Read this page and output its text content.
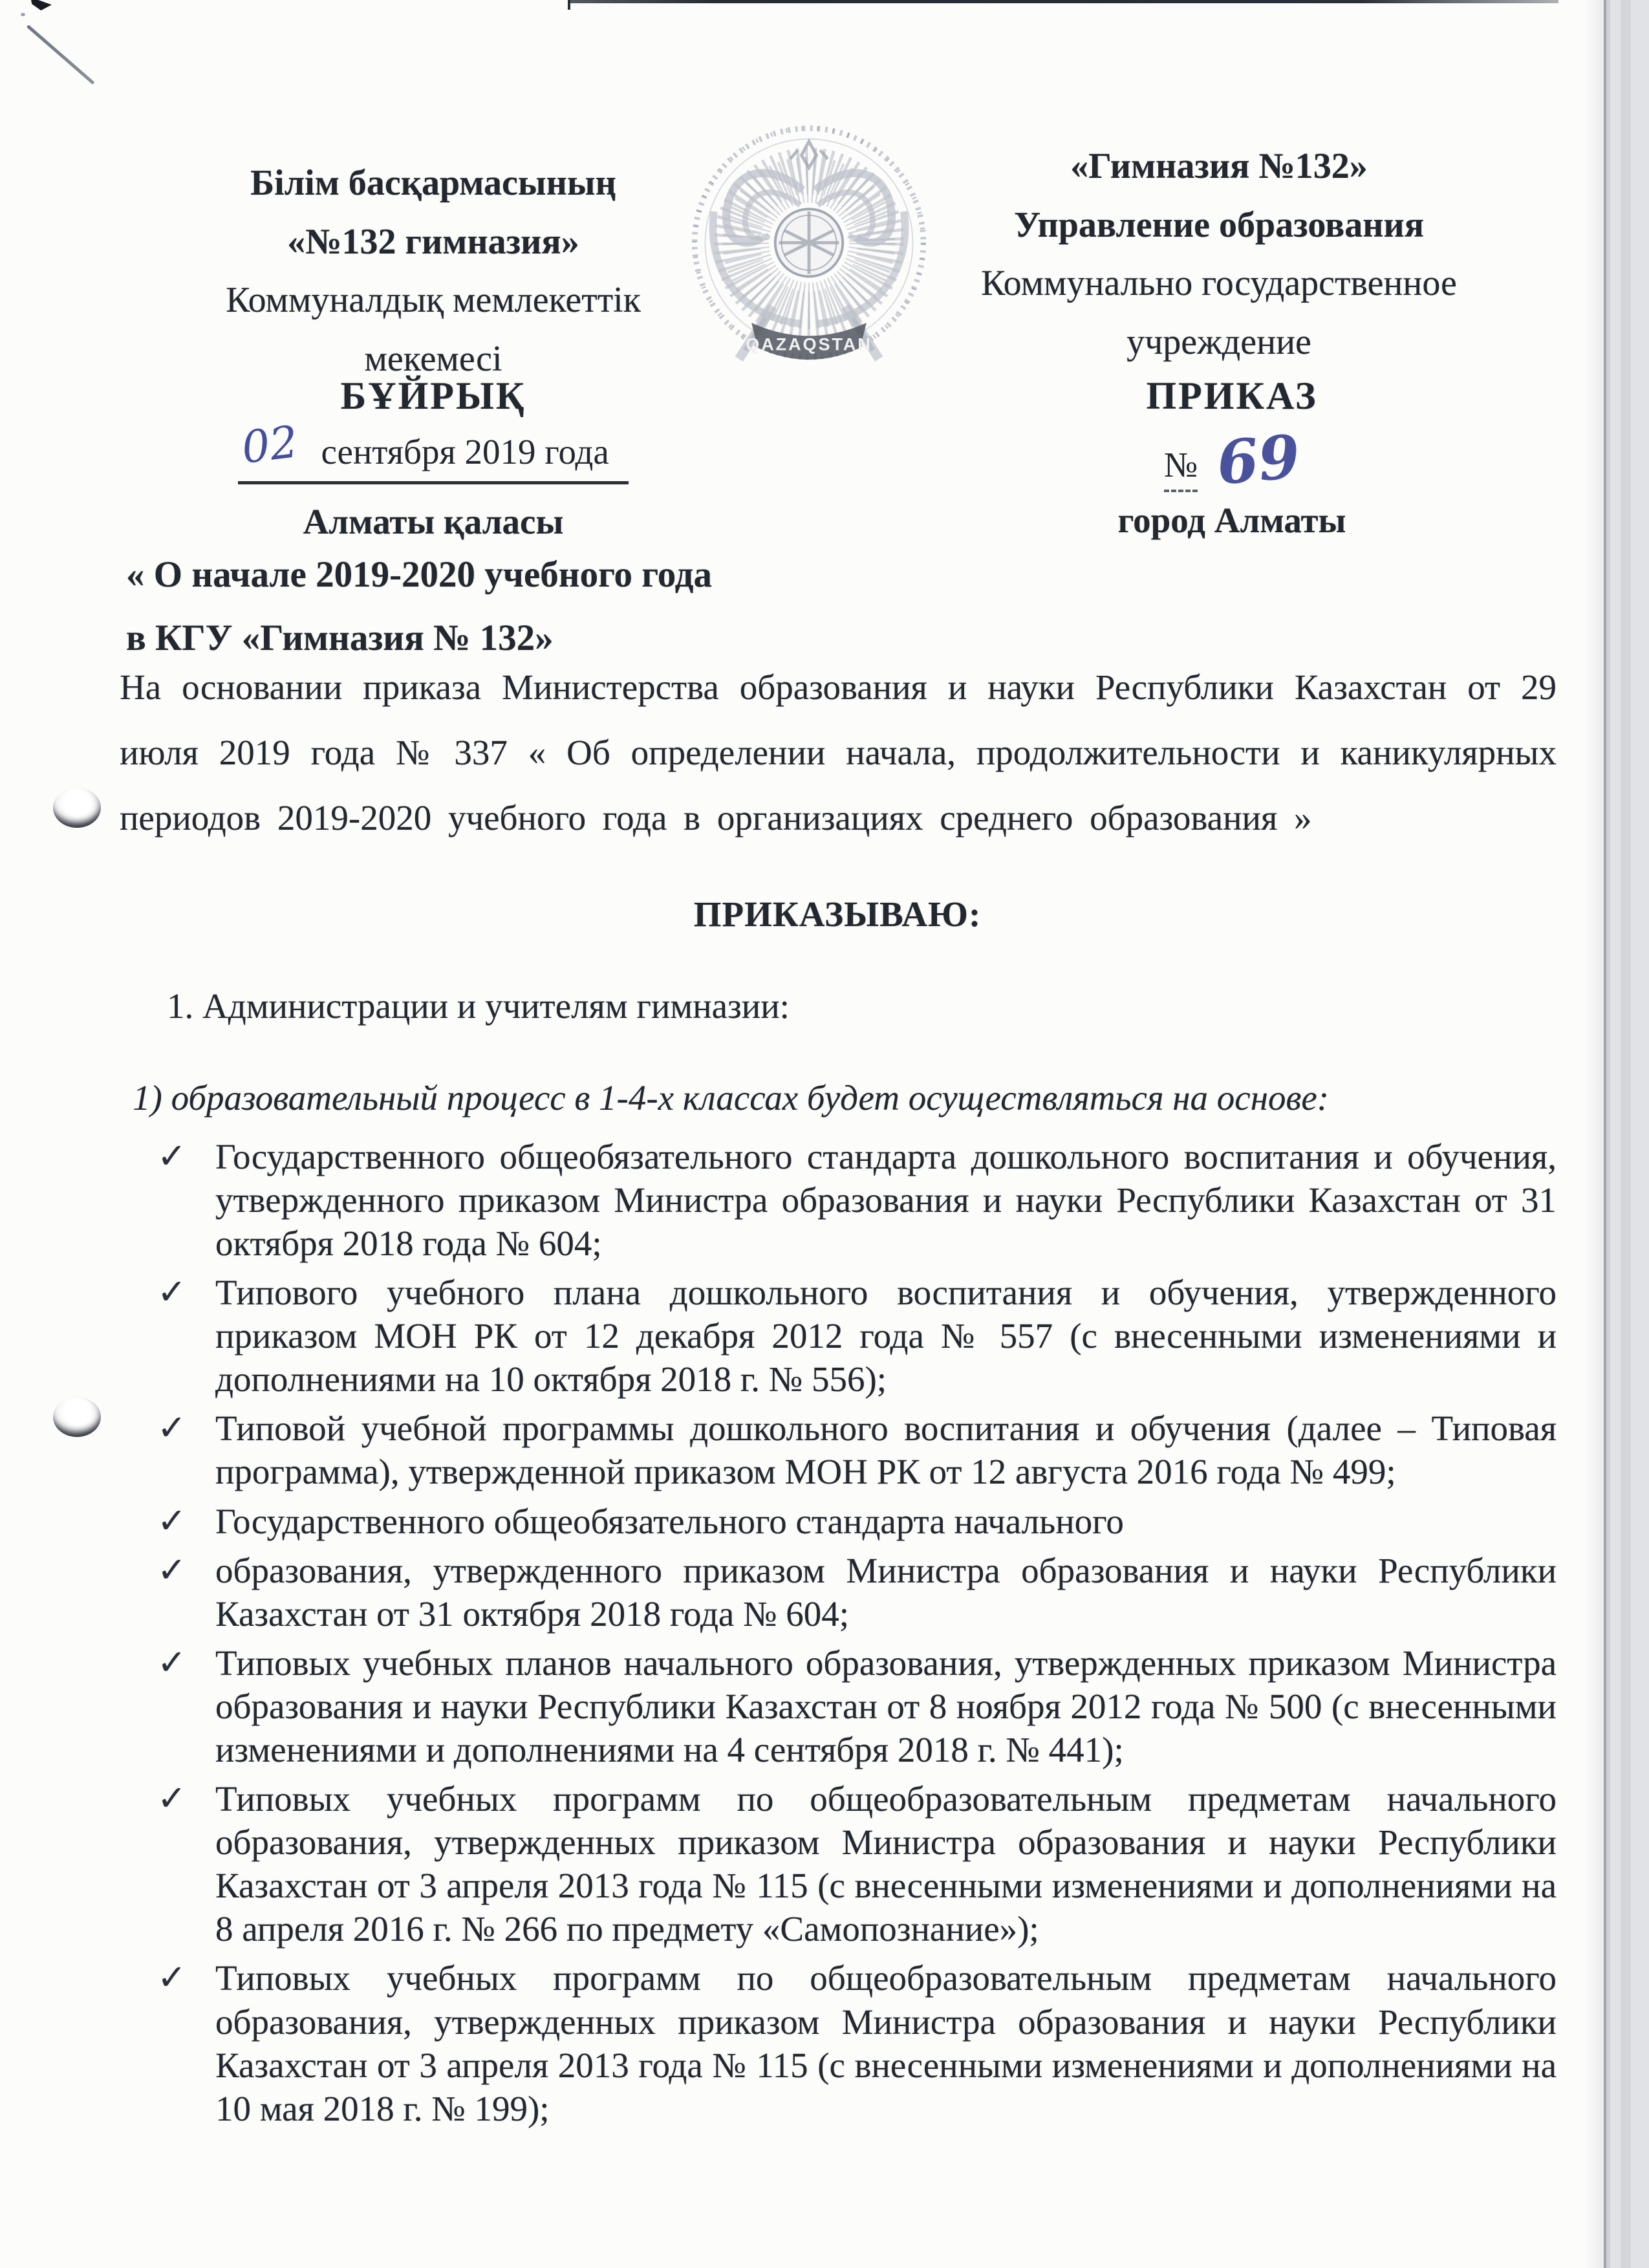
Білім басқармасының
«№132 гимназия»
Коммуналдық мемлекеттік
мекемесі	QAZAQSTAN
«Гимназия №132»
Управление образования
Коммунально государственное
учреждение
БҰЙРЫҚ
02 сентября 2019 года
Алматы қаласы
ПРИКАЗ
№ 69
город Алматы
« О начале 2019-2020 учебного года
в КГУ «Гимназия № 132»

На основании приказа Министерства образования и науки Республики Казахстан от 29 июля 2019 года № 337 « Об определении начала, продолжительности и каникулярных периодов 2019-2020 учебного года в организациях среднего образования »

ПРИКАЗЫВАЮ:
1. Администрации и учителям гимназии:

1) образовательный процесс в 1-4-х классах будет осуществляться на основе:

✓ Государственного общеобязательного стандарта дошкольного воспитания и обучения, утвержденного приказом Министра образования и науки Республики Казахстан от 31 октября 2018 года № 604;
✓ Типового учебного плана дошкольного воспитания и обучения, утвержденного приказом МОН РК от 12 декабря 2012 года № 557 (с внесенными изменениями и дополнениями на 10 октября 2018 г. № 556);
✓ Типовой учебной программы дошкольного воспитания и обучения (далее – Типовая программа), утвержденной приказом МОН РК от 12 августа 2016 года № 499;
✓ Государственного общеобязательного стандарта начального
✓ образования, утвержденного приказом Министра образования и науки Республики Казахстан от 31 октября 2018 года № 604;
✓ Типовых учебных планов начального образования, утвержденных приказом Министра образования и науки Республики Казахстан от 8 ноября 2012 года № 500 (с внесенными изменениями и дополнениями на 4 сентября 2018 г. № 441);
✓ Типовых учебных программ по общеобразовательным предметам начального образования, утвержденных приказом Министра образования и науки Республики Казахстан от 3 апреля 2013 года № 115 (с внесенными изменениями и дополнениями на 8 апреля 2016 г. № 266 по предмету «Самопознание»);
✓ Типовых учебных программ по общеобразовательным предметам начального образования, утвержденных приказом Министра образования и науки Республики Казахстан от 3 апреля 2013 года № 115 (с внесенными изменениями и дополнениями на 10 мая 2018 г. № 199);
